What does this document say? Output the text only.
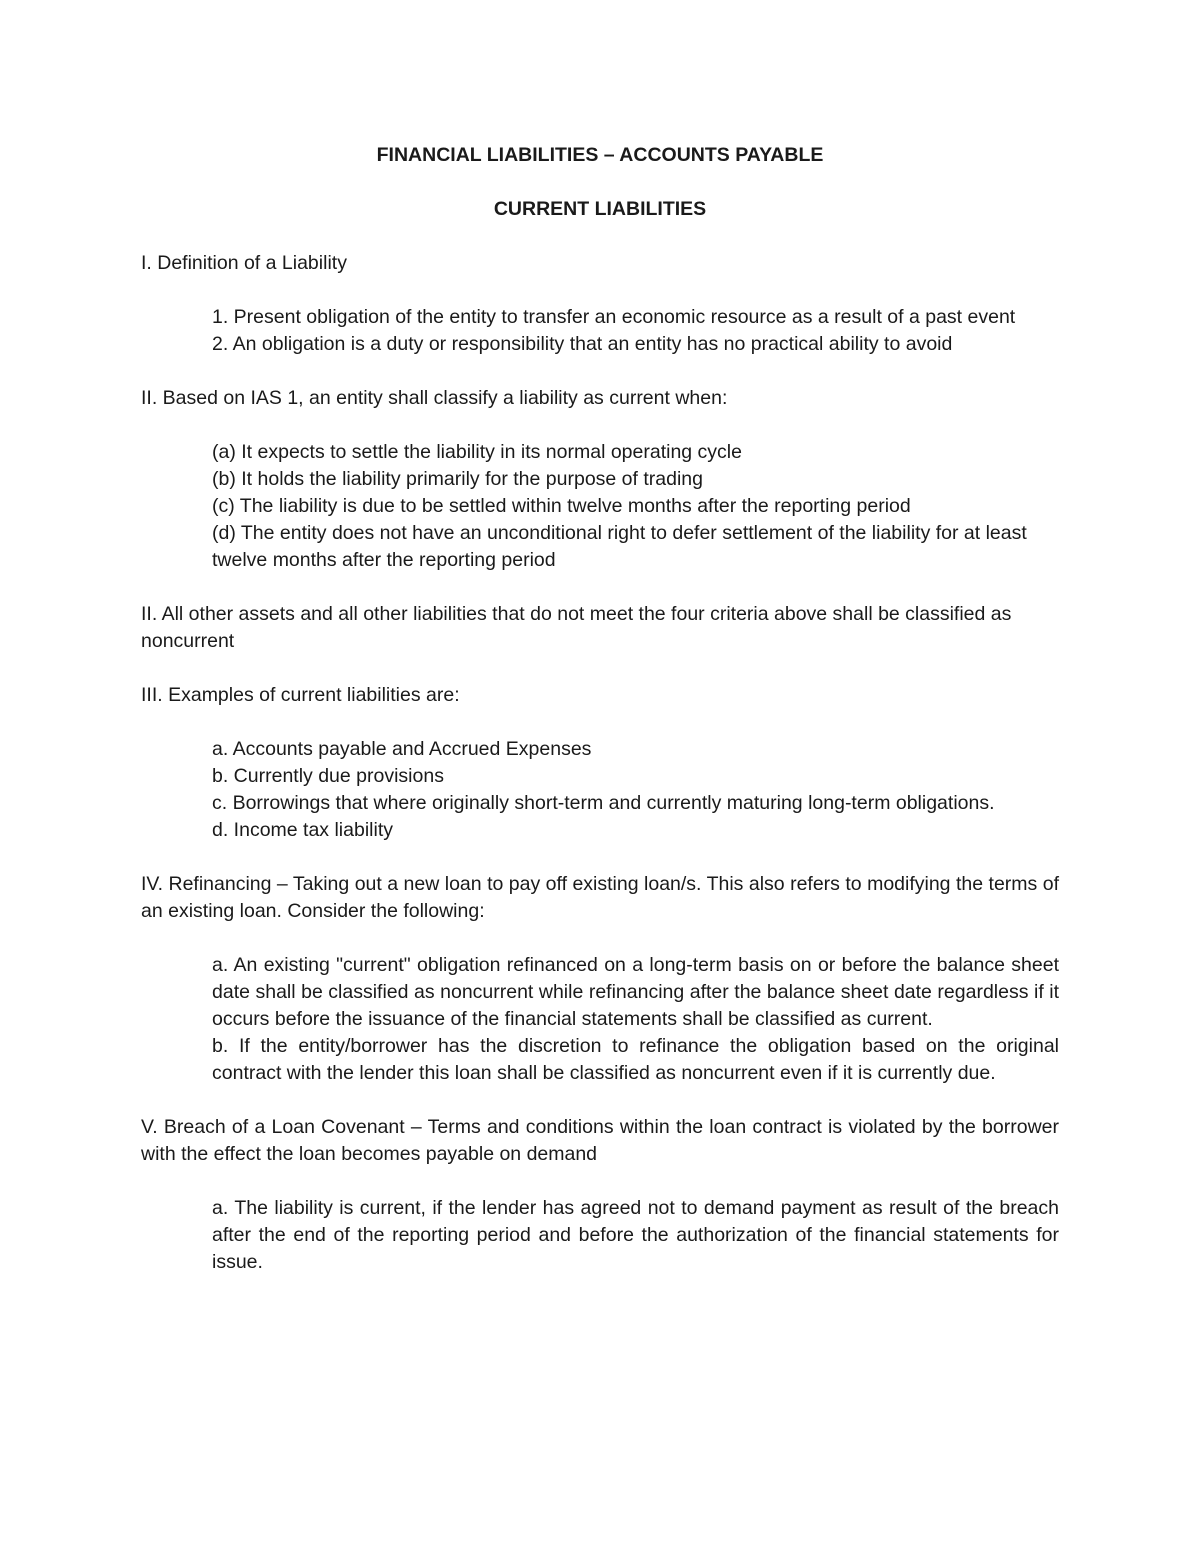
FINANCIAL LIABILITIES – ACCOUNTS PAYABLE

CURRENT LIABILITIES

I. Definition of a Liability

1. Present obligation of the entity to transfer an economic resource as a result of a past event
2. An obligation is a duty or responsibility that an entity has no practical ability to avoid

II. Based on IAS 1, an entity shall classify a liability as current when:

(a) It expects to settle the liability in its normal operating cycle
(b) It holds the liability primarily for the purpose of trading
(c) The liability is due to be settled within twelve months after the reporting period
(d) The entity does not have an unconditional right to defer settlement of the liability for at least twelve months after the reporting period

II. All other assets and all other liabilities that do not meet the four criteria above shall be classified as noncurrent

III. Examples of current liabilities are:

a. Accounts payable and Accrued Expenses
b. Currently due provisions
c. Borrowings that where originally short-term and currently maturing long-term obligations.
d. Income tax liability

IV. Refinancing – Taking out a new loan to pay off existing loan/s. This also refers to modifying the terms of an existing loan. Consider the following:

a. An existing "current" obligation refinanced on a long-term basis on or before the balance sheet date shall be classified as noncurrent while refinancing after the balance sheet date regardless if it occurs before the issuance of the financial statements shall be classified as current.
b. If the entity/borrower has the discretion to refinance the obligation based on the original contract with the lender this loan shall be classified as noncurrent even if it is currently due.

V. Breach of a Loan Covenant – Terms and conditions within the loan contract is violated by the borrower with the effect the loan becomes payable on demand

a. The liability is current, if the lender has agreed not to demand payment as result of the breach after the end of the reporting period and before the authorization of the financial statements for issue.
